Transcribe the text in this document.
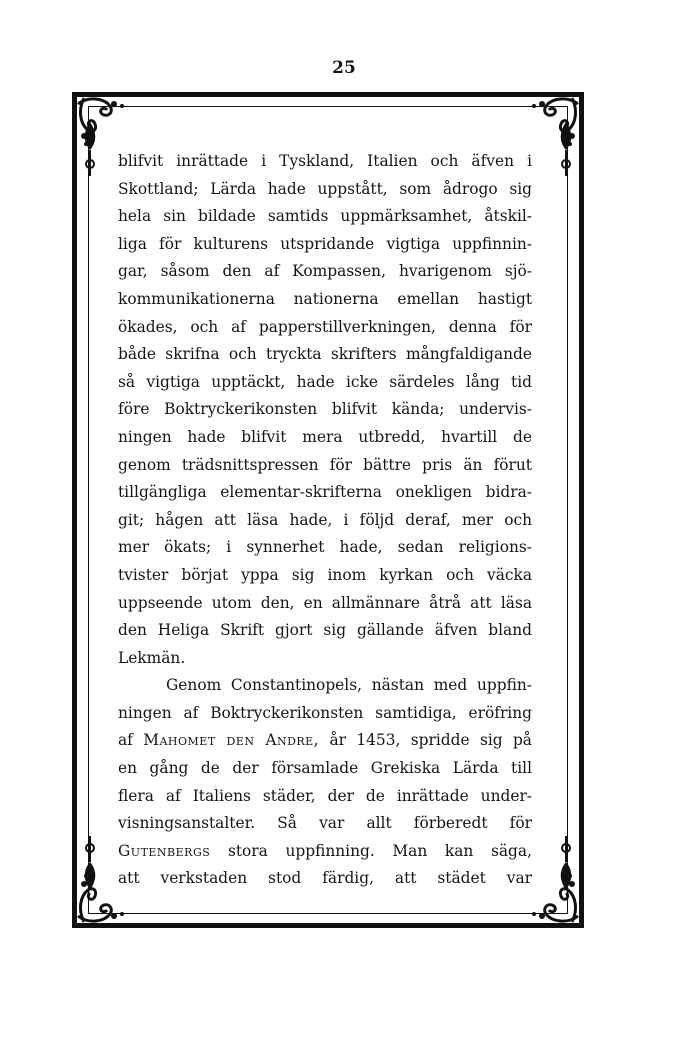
25
blifvit inrättade i Tyskland, Italien och äfven i
Skottland; Lärda hade uppstått, som ådrogo sig
hela sin bildade samtids uppmärksamhet, åtskil-
liga för kulturens utspridande vigtiga uppfinnin-
gar, såsom den af Kompassen, hvarigenom sjö-
kommunikationerna nationerna emellan hastigt
ökades, och af papperstillverkningen, denna för
både skrifna och tryckta skrifters mångfaldigande
så vigtiga upptäckt, hade icke särdeles lång tid
före Boktryckerikonsten blifvit kända; undervis-
ningen hade blifvit mera utbredd, hvartill de
genom trädsnittspressen för bättre pris än förut
tillgängliga elementar-skrifterna onekligen bidra-
git; hågen att läsa hade, i följd deraf, mer och
mer ökats; i synnerhet hade, sedan religions-
tvister börjat yppa sig inom kyrkan och väcka
uppseende utom den, en allmännare åtrå att läsa
den Heliga Skrift gjort sig gällande äfven bland
Lekmän.
Genom Constantinopels, nästan med uppfin-
ningen af Boktryckerikonsten samtidiga, eröfring
af Mahomet den Andre, år 1453, spridde sig på
en gång de der församlade Grekiska Lärda till
flera af Italiens städer, der de inrättade under-
visningsanstalter. Så var allt förberedt för
Gutenbergs stora uppfinning. Man kan säga,
att verkstaden stod färdig, att städet var
